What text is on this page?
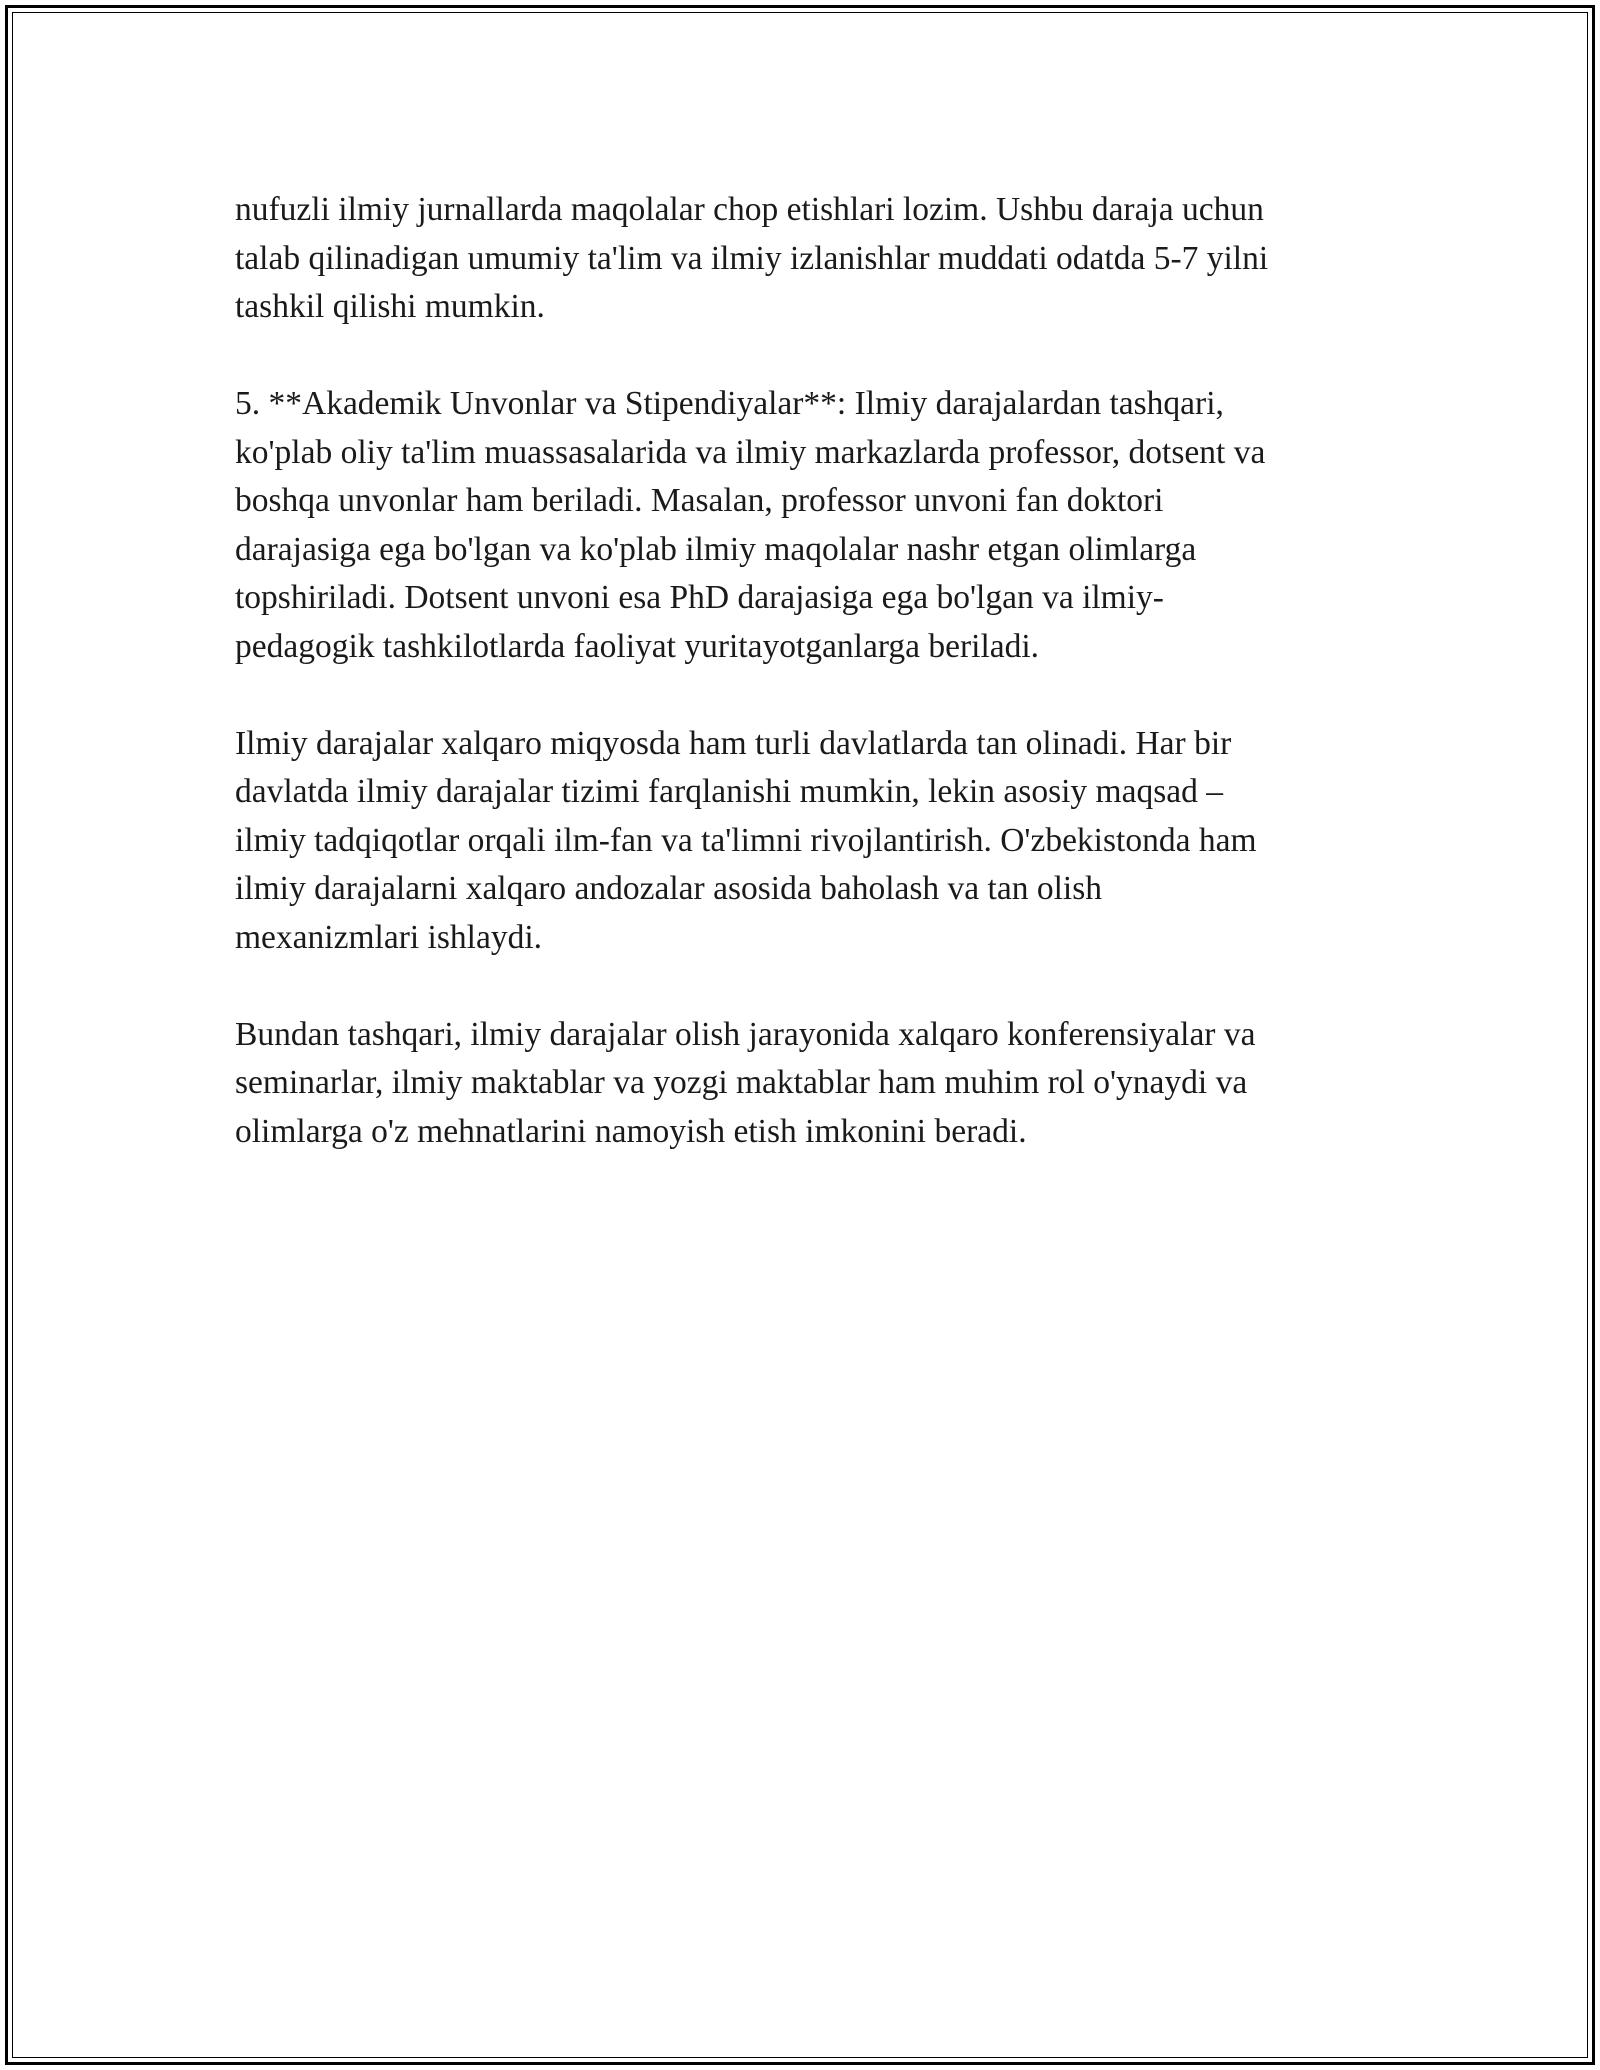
nufuzli ilmiy jurnallarda maqolalar chop etishlari lozim. Ushbu daraja uchun
talab qilinadigan umumiy ta'lim va ilmiy izlanishlar muddati odatda 5-7 yilni
tashkil qilishi mumkin.

5. **Akademik Unvonlar va Stipendiyalar**: Ilmiy darajalardan tashqari,
ko'plab oliy ta'lim muassasalarida va ilmiy markazlarda professor, dotsent va
boshqa unvonlar ham beriladi. Masalan, professor unvoni fan doktori
darajasiga ega bo'lgan va ko'plab ilmiy maqolalar nashr etgan olimlarga
topshiriladi. Dotsent unvoni esa PhD darajasiga ega bo'lgan va ilmiy-
pedagogik tashkilotlarda faoliyat yuritayotganlarga beriladi.

Ilmiy darajalar xalqaro miqyosda ham turli davlatlarda tan olinadi. Har bir
davlatda ilmiy darajalar tizimi farqlanishi mumkin, lekin asosiy maqsad –
ilmiy tadqiqotlar orqali ilm-fan va ta'limni rivojlantirish. O'zbekistonda ham
ilmiy darajalarni xalqaro andozalar asosida baholash va tan olish
mexanizmlari ishlaydi.

Bundan tashqari, ilmiy darajalar olish jarayonida xalqaro konferensiyalar va
seminarlar, ilmiy maktablar va yozgi maktablar ham muhim rol o'ynaydi va
olimlarga o'z mehnatlarini namoyish etish imkonini beradi.
